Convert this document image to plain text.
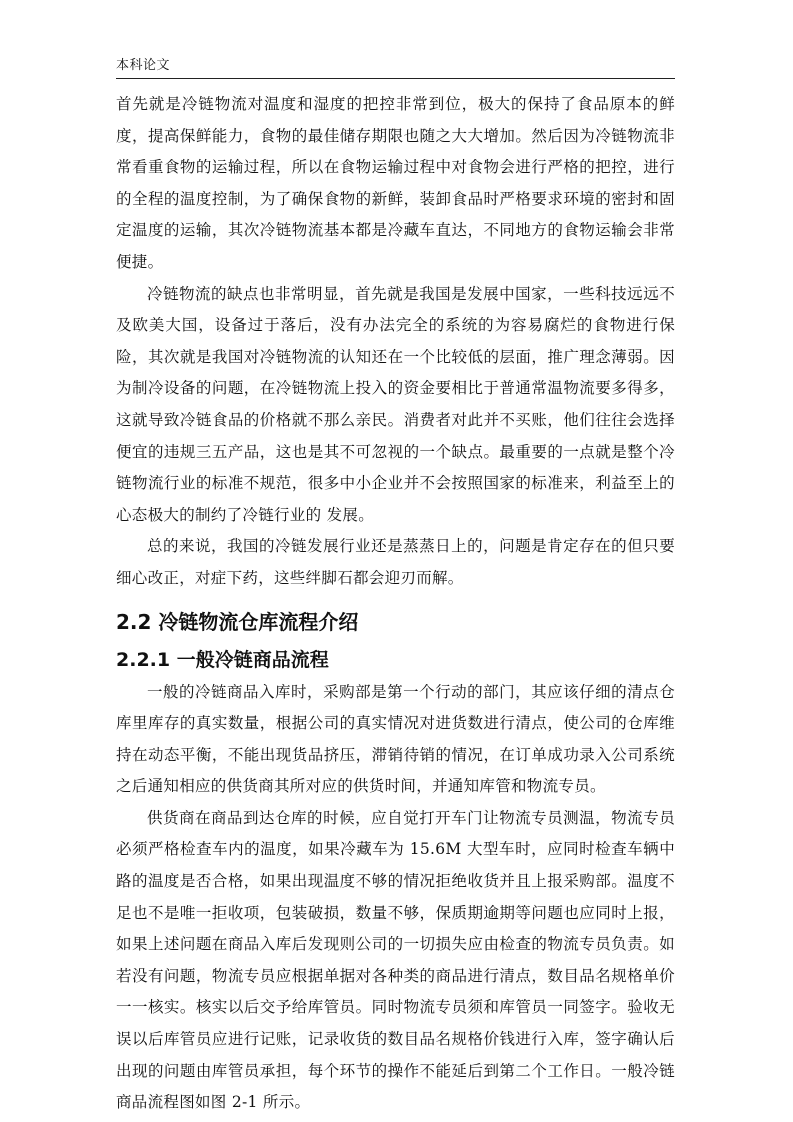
本科论文

首先就是冷链物流对温度和湿度的把控非常到位，极大的保持了食品原本的鲜度，提高保鲜能力，食物的最佳储存期限也随之大大增加。然后因为冷链物流非常看重食物的运输过程，所以在食物运输过程中对食物会进行严格的把控，进行的全程的温度控制，为了确保食物的新鲜，装卸食品时严格要求环境的密封和固定温度的运输，其次冷链物流基本都是冷藏车直达，不同地方的食物运输会非常便捷。

冷链物流的缺点也非常明显，首先就是我国是发展中国家，一些科技远远不及欧美大国，设备过于落后，没有办法完全的系统的为容易腐烂的食物进行保险，其次就是我国对冷链物流的认知还在一个比较低的层面，推广理念薄弱。因为制冷设备的问题，在冷链物流上投入的资金要相比于普通常温物流要多得多，这就导致冷链食品的价格就不那么亲民。消费者对此并不买账，他们往往会选择便宜的违规三五产品，这也是其不可忽视的一个缺点。最重要的一点就是整个冷链物流行业的标准不规范，很多中小企业并不会按照国家的标准来，利益至上的心态极大的制约了冷链行业的 发展。

总的来说，我国的冷链发展行业还是蒸蒸日上的，问题是肯定存在的但只要细心改正，对症下药，这些绊脚石都会迎刃而解。

2.2 冷链物流仓库流程介绍
2.2.1 一般冷链商品流程

一般的冷链商品入库时，采购部是第一个行动的部门，其应该仔细的清点仓库里库存的真实数量，根据公司的真实情况对进货数进行清点，使公司的仓库维持在动态平衡，不能出现货品挤压，滞销待销的情况，在订单成功录入公司系统之后通知相应的供货商其所对应的供货时间，并通知库管和物流专员。

供货商在商品到达仓库的时候，应自觉打开车门让物流专员测温，物流专员必须严格检查车内的温度，如果冷藏车为 15.6M 大型车时，应同时检查车辆中路的温度是否合格，如果出现温度不够的情况拒绝收货并且上报采购部。温度不足也不是唯一拒收项，包装破损，数量不够，保质期逾期等问题也应同时上报，如果上述问题在商品入库后发现则公司的一切损失应由检查的物流专员负责。如若没有问题，物流专员应根据单据对各种类的商品进行清点，数目品名规格单价一一核实。核实以后交予给库管员。同时物流专员须和库管员一同签字。验收无误以后库管员应进行记账，记录收货的数目品名规格价钱进行入库，签字确认后出现的问题由库管员承担，每个环节的操作不能延后到第二个工作日。一般冷链商品流程图如图 2-1 所示。
